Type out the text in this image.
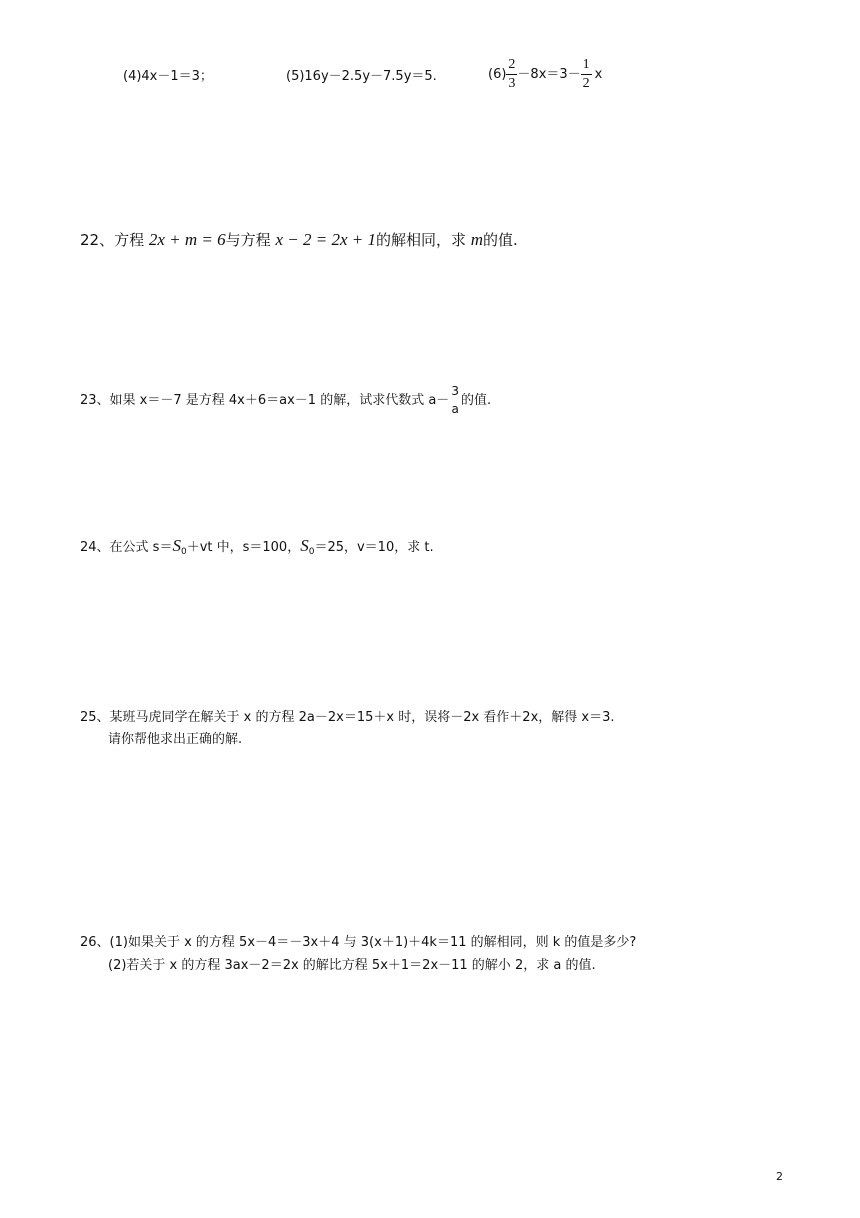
(4)4x－1＝3；	(5)16y－2.5y－7.5y＝5.	$(6) \frac{2}{3} -8x=3- \frac{1}{2}$ x
22、方程 2x + m = 6与方程 x − 2 = 2x + 1的解相同，求 m的值.
23、 如果 x＝－7 是方程 4x＋6＝ax－1 的解，试求代数式 a－
3
a
的值.
24、在公式 $s=S_0+vt$ 中，s＝100，$S_0=25$，v＝10，求 t.
25、某班马虎同学在解关于 x 的方程 2a－2x＝15＋x 时，误将－2x 看作＋2x，解得 x＝3.
请你帮他求出正确的解.
26、(1)如果关于 x 的方程 5x－4＝－3x＋4 与 3(x＋1)＋4k＝11 的解相同，则 k 的值是多少?
(2)若关于 x 的方程 3ax－2＝2x 的解比方程 5x＋1＝2x－11 的解小 2，求 a 的值.
2
